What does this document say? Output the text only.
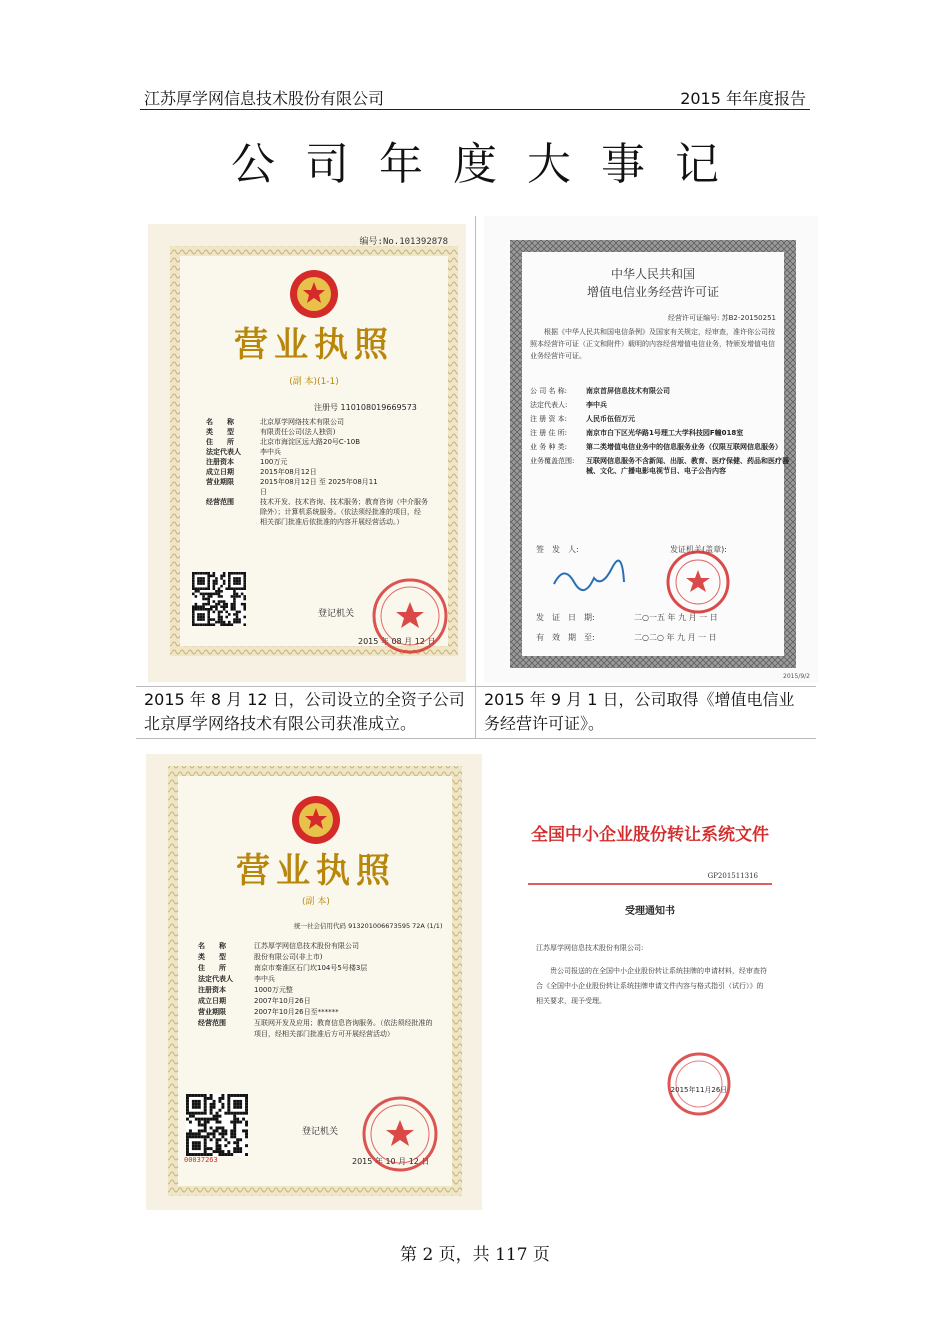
江苏厚学网信息技术股份有限公司	2015 年年度报告
公司年度大事记
编号:No.101392878
营业执照
(副 本)(1-1)
注册号 110108019669573
名　　称	北京厚学网络技术有限公司
类　　型	有限责任公司(法人独资)
住　　所	北京市海淀区远大路20号C-10B
法定代表人	李中兵
注册资本	100万元
成立日期	2015年08月12日
营业期限	2015年08月12日 至 2025年08月11
日
经营范围	技术开发、技术咨询、技术服务；教育咨询（中介服务
除外）；计算机系统服务。（依法须经批准的项目，经
相关部门批准后依批准的内容开展经营活动。）
登记机关
2015 年 08 月 12 日
中华人民共和国
增值电信业务经营许可证
经营许可证编号: 苏B2-20150251
根据《中华人民共和国电信条例》及国家有关规定，经审查，准许你公司按照本经营许可证（正文和附件）载明的内容经营增值电信业务，特颁发增值电信业务经营许可证。
公 司 名 称:	南京首屏信息技术有限公司
法定代表人:	李中兵
注 册 资 本:	人民币伍佰万元
注 册 住 所:	南京市白下区光华路1号理工大学科技园F幢018室
业 务 种 类:	第二类增值电信业务中的信息服务业务（仅限互联网信息服务）
业务覆盖范围:	互联网信息服务不含新闻、出版、教育、医疗保健、药品和医疗器械、文化、广播电影电视节目、电子公告内容
签　发　人:	发证机关(盖章):
发　证　日　期:	二○一五 年 九 月 一 日
有　效　期　至:	二○二○ 年 九 月 一 日
2015/9/2
2015 年 8 月 12 日，公司设立的全资子公司北京厚学网络技术有限公司获准成立。
2015 年 9 月 1 日，公司取得《增值电信业务经营许可证》。
营业执照
(副 本)
统一社会信用代码 913201006673595 72A (1/1)
名　　称	江苏厚学网信息技术股份有限公司
类　　型	股份有限公司(非上市)
住　　所	南京市秦淮区石门坎104号5号楼3层
法定代表人	李中兵
注册资本	1000万元整
成立日期	2007年10月26日
营业期限	2007年10月26日至******
经营范围	互联网开发及应用；教育信息咨询服务。（依法须经批准的
项目，经相关部门批准后方可开展经营活动）
00037263
登记机关
2015 年 10 月 12 日
全国中小企业股份转让系统文件
GP201511316
受理通知书
江苏厚学网信息技术股份有限公司:
贵公司报送的在全国中小企业股份转让系统挂牌的申请材料，经审查符合《全国中小企业股份转让系统挂牌申请文件内容与格式指引（试行）》的相关要求，现予受理。
2015年11月26日
第 2 页，共 117 页
